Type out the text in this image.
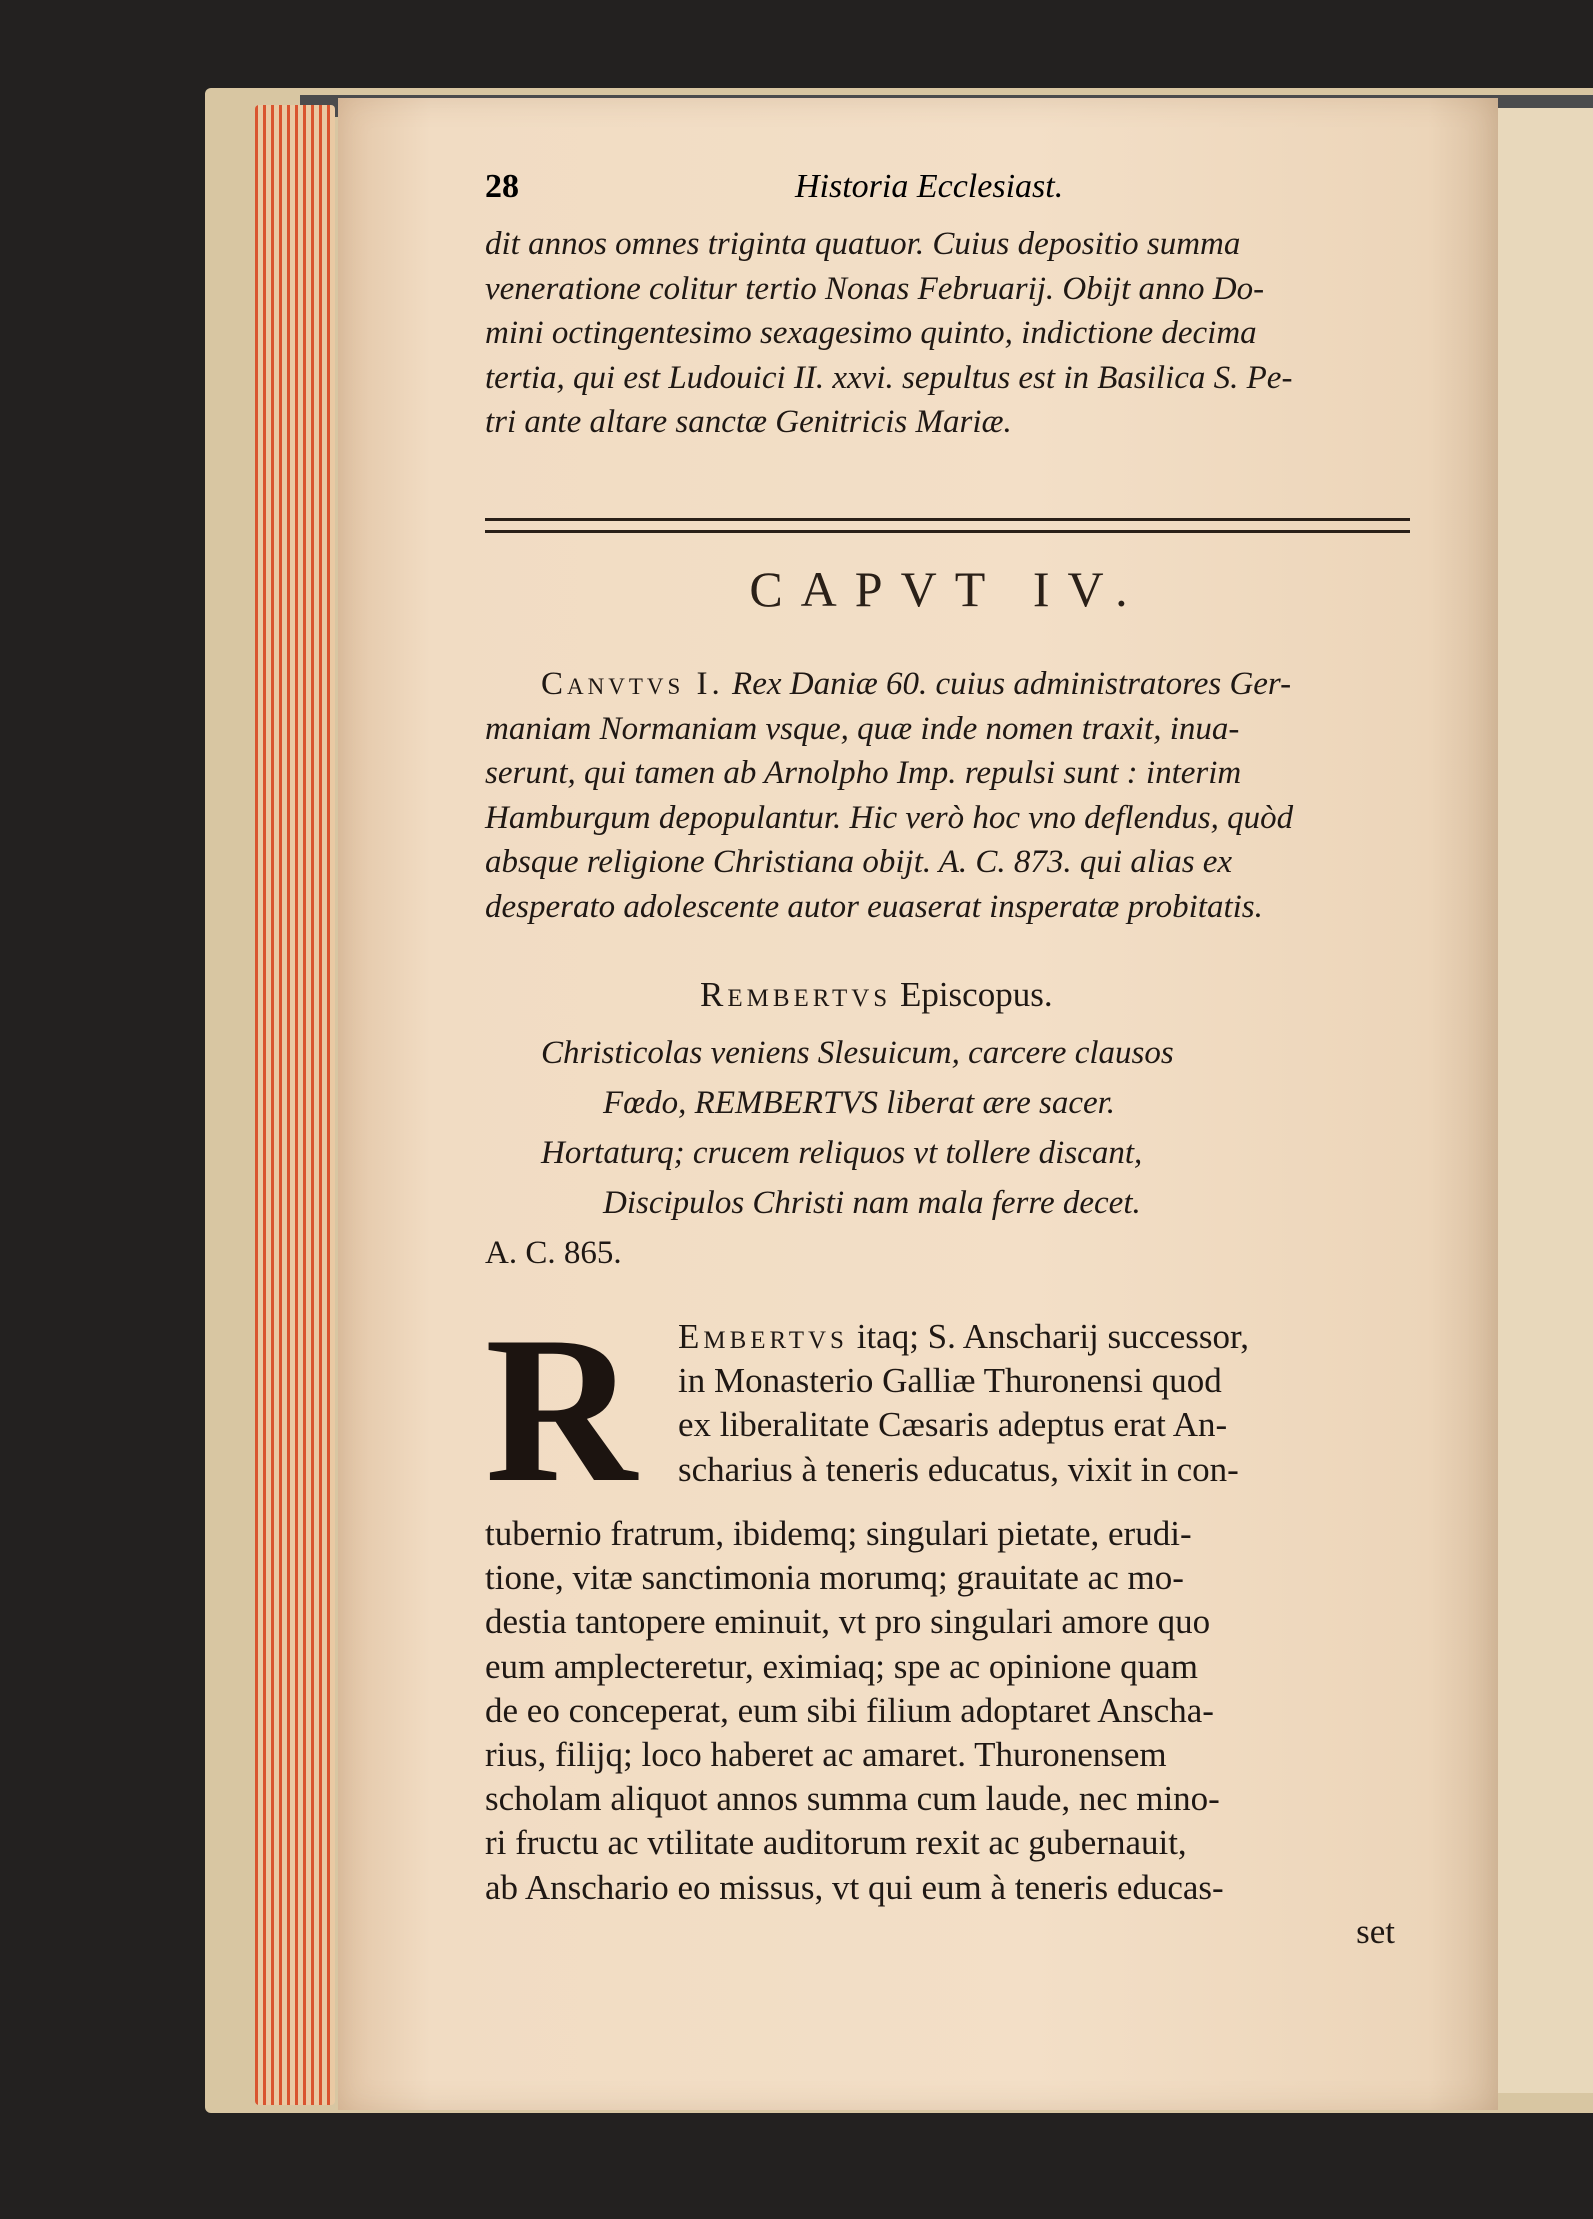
28	Historia Ecclesiast.
dit annos omnes triginta quatuor. Cuius depositio summa
veneratione colitur tertio Nonas Februarij. Obijt anno Do-
mini octingentesimo sexagesimo quinto, indictione decima
tertia, qui est Ludouici II. xxvi. sepultus est in Basilica S. Pe-
tri ante altare sanctæ Genitricis Mariæ.
CAPVT IV.
Canvtvs I. Rex Daniæ 60. cuius administratores Ger-
maniam Normaniam vsque, quæ inde nomen traxit, inua-
serunt, qui tamen ab Arnolpho Imp. repulsi sunt : interim
Hamburgum depopulantur. Hic verò hoc vno deflendus, quòd
absque religione Christiana obijt. A. C. 873. qui alias ex
desperato adolescente autor euaserat insperatæ probitatis.
Rembertvs Episcopus.
Christicolas veniens Slesuicum, carcere clausos
Fœdo, REMBERTVS liberat ære sacer.
Hortaturq; crucem reliquos vt tollere discant,
Discipulos Christi nam mala ferre decet.
A. C. 865.
R	Embertvs itaq; S. Anscharij successor,
in Monasterio Galliæ Thuronensi quod
ex liberalitate Cæsaris adeptus erat An-
scharius à teneris educatus, vixit in con-
tubernio fratrum, ibidemq; singulari pietate, erudi-
tione, vitæ sanctimonia morumq; grauitate ac mo-
destia tantopere eminuit, vt pro singulari amore quo
eum amplecteretur, eximiaq; spe ac opinione quam
de eo conceperat, eum sibi filium adoptaret Anscha-
rius, filijq; loco haberet ac amaret. Thuronensem
scholam aliquot annos summa cum laude, nec mino-
ri fructu ac vtilitate auditorum rexit ac gubernauit,
ab Anschario eo missus, vt qui eum à teneris educas-
set
